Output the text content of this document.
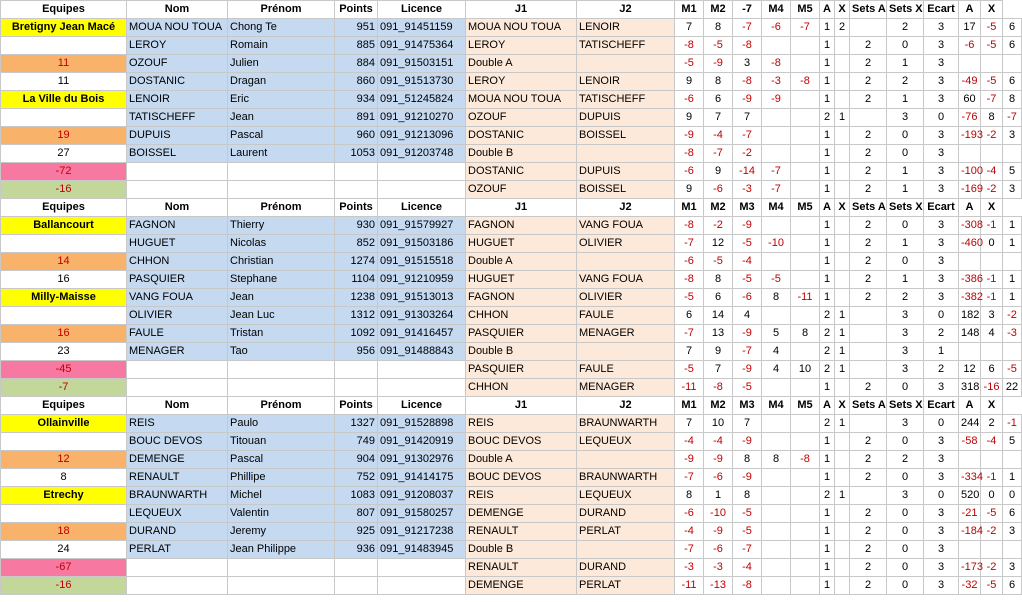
Equipes	Nom	Prénom	Points	Licence	J1	J2	M1	M2	-7	M4	M5	A	X	Sets A	Sets X	Ecart	A	X	
Bretigny Jean Macé	MOUA NOU TOUA	Chong Te	951	091_91451159	MOUA NOU TOUA	LENOIR	7	8	-7	-6	-7	1	2		2	3	17	-5	6
	LEROY	Romain	885	091_91475364	LEROY	TATISCHEFF	-8	-5	-8			1		2	0	3	-6	-5	6
11	OZOUF	Julien	884	091_91503151	Double A		-5	-9	3	-8		1		2	1	3			
11	DOSTANIC	Dragan	860	091_91513730	LEROY	LENOIR	9	8	-8	-3	-8	1		2	2	3	-49	-5	6
La Ville du Bois	LENOIR	Eric	934	091_51245824	MOUA NOU TOUA	TATISCHEFF	-6	6	-9	-9		1		2	1	3	60	-7	8
	TATISCHEFF	Jean	891	091_91210270	OZOUF	DUPUIS	9	7	7			2	1		3	0	-76	8	-7
19	DUPUIS	Pascal	960	091_91213096	DOSTANIC	BOISSEL	-9	-4	-7			1		2	0	3	-193	-2	3
27	BOISSEL	Laurent	1053	091_91203748	Double B		-8	-7	-2			1		2	0	3			
-72					DOSTANIC	DUPUIS	-6	9	-14	-7		1		2	1	3	-100	-4	5
-16					OZOUF	BOISSEL	9	-6	-3	-7		1		2	1	3	-169	-2	3
Equipes	Nom	Prénom	Points	Licence	J1	J2	M1	M2	M3	M4	M5	A	X	Sets A	Sets X	Ecart	A	X	
Ballancourt	FAGNON	Thierry	930	091_91579927	FAGNON	VANG FOUA	-8	-2	-9			1		2	0	3	-308	-1	1
	HUGUET	Nicolas	852	091_91503186	HUGUET	OLIVIER	-7	12	-5	-10		1		2	1	3	-460	0	1
14	CHHON	Christian	1274	091_91515518	Double A		-6	-5	-4			1		2	0	3			
16	PASQUIER	Stephane	1104	091_91210959	HUGUET	VANG FOUA	-8	8	-5	-5		1		2	1	3	-386	-1	1
Milly-Maisse	VANG FOUA	Jean	1238	091_91513013	FAGNON	OLIVIER	-5	6	-6	8	-11	1		2	2	3	-382	-1	1
	OLIVIER	Jean Luc	1312	091_91303264	CHHON	FAULE	6	14	4			2	1		3	0	182	3	-2
16	FAULE	Tristan	1092	091_91416457	PASQUIER	MENAGER	-7	13	-9	5	8	2	1		3	2	148	4	-3
23	MENAGER	Tao	956	091_91488843	Double B		7	9	-7	4		2	1		3	1			
-45					PASQUIER	FAULE	-5	7	-9	4	10	2	1		3	2	12	6	-5
-7					CHHON	MENAGER	-11	-8	-5			1		2	0	3	318	-16	22
Equipes	Nom	Prénom	Points	Licence	J1	J2	M1	M2	M3	M4	M5	A	X	Sets A	Sets X	Ecart	A	X	
Ollainville	REIS	Paulo	1327	091_91528898	REIS	BRAUNWARTH	7	10	7			2	1		3	0	244	2	-1
	BOUC DEVOS	Titouan	749	091_91420919	BOUC DEVOS	LEQUEUX	-4	-4	-9			1		2	0	3	-58	-4	5
12	DEMENGE	Pascal	904	091_91302976	Double A		-9	-9	8	8	-8	1		2	2	3			
8	RENAULT	Phillipe	752	091_91414175	BOUC DEVOS	BRAUNWARTH	-7	-6	-9			1		2	0	3	-334	-1	1
Etrechy	BRAUNWARTH	Michel	1083	091_91208037	REIS	LEQUEUX	8	1	8			2	1		3	0	520	0	0
	LEQUEUX	Valentin	807	091_91580257	DEMENGE	DURAND	-6	-10	-5			1		2	0	3	-21	-5	6
18	DURAND	Jeremy	925	091_91217238	RENAULT	PERLAT	-4	-9	-5			1		2	0	3	-184	-2	3
24	PERLAT	Jean Philippe	936	091_91483945	Double B		-7	-6	-7			1		2	0	3			
-67					RENAULT	DURAND	-3	-3	-4			1		2	0	3	-173	-2	3
-16					DEMENGE	PERLAT	-11	-13	-8			1		2	0	3	-32	-5	6
